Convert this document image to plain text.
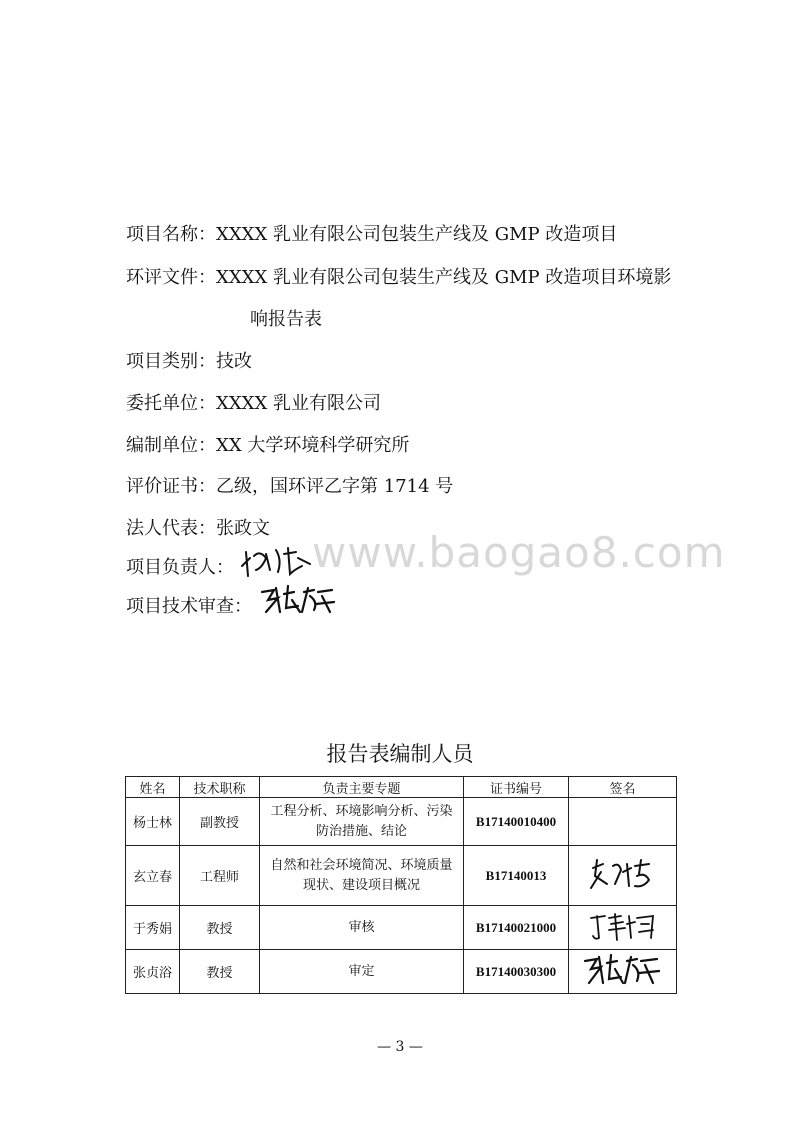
项目名称：XXXX 乳业有限公司包装生产线及 GMP 改造项目
环评文件：XXXX 乳业有限公司包装生产线及 GMP 改造项目环境影
响报告表
项目类别：技改
委托单位：XXXX 乳业有限公司
编制单位：XX 大学环境科学研究所
评价证书：乙级，国环评乙字第 1714 号
法人代表：张政文
项目负责人：
项目技术审查：
www.baogao8.com
报告表编制人员
姓名	技术职称	负责主要专题	证书编号	签名
杨士林	副教授	工程分析、环境影响分析、污染
防治措施、结论	B17140010400	
玄立春	工程师	自然和社会环境简况、环境质量
现状、建设项目概况	B17140013	
于秀娟	教授	审核	B17140021000	
张贞浴	教授	审定	B17140030300	
— 3 —
